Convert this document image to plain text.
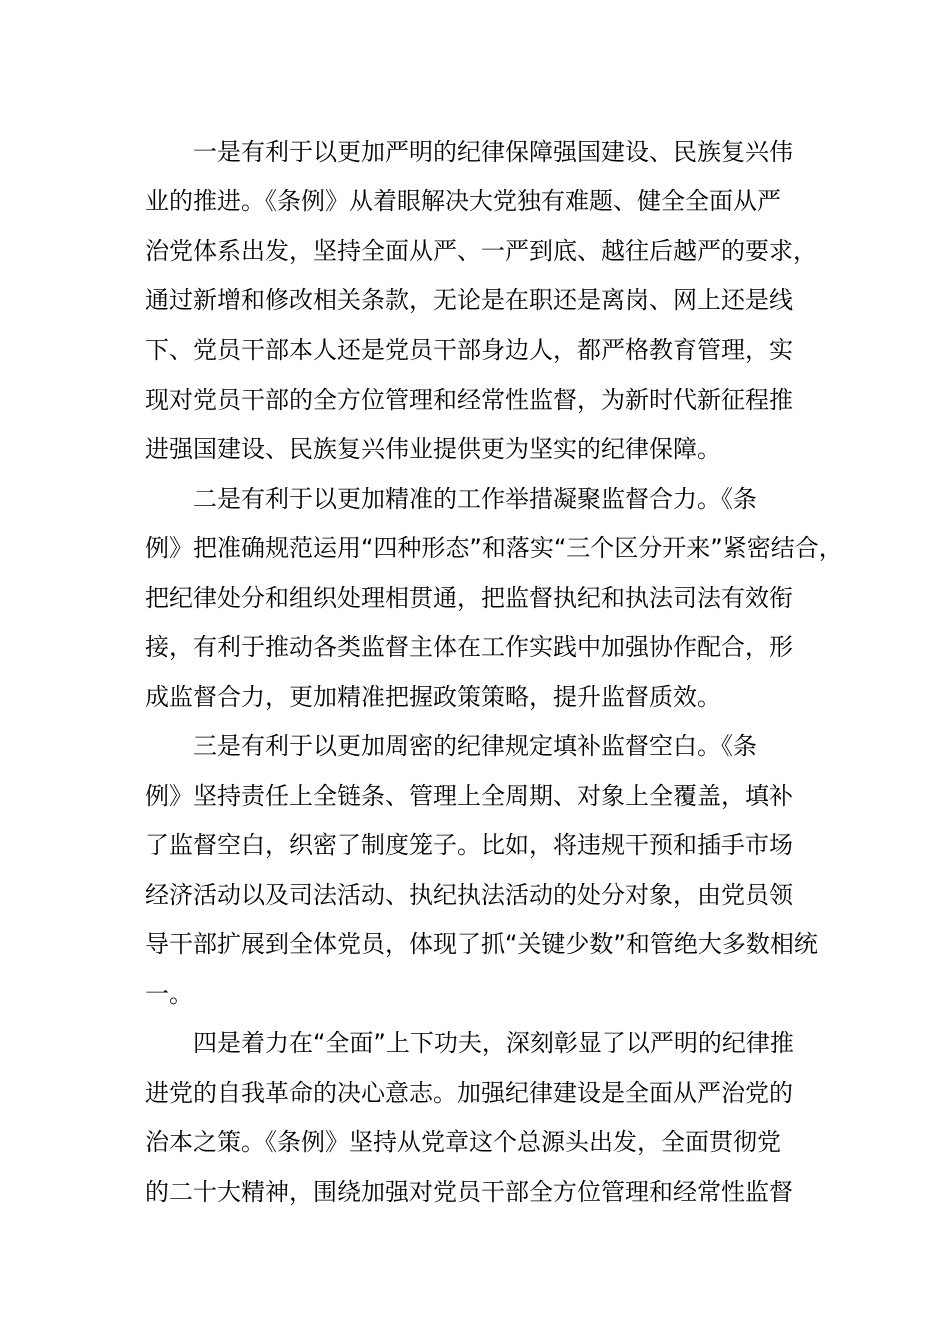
一是有利于以更加严明的纪律保障强国建设、民族复兴伟
业的推进。《条例》从着眼解决大党独有难题、健全全面从严
治党体系出发，坚持全面从严、一严到底、越往后越严的要求，
通过新增和修改相关条款，无论是在职还是离岗、网上还是线
下、党员干部本人还是党员干部身边人，都严格教育管理，实
现对党员干部的全方位管理和经常性监督，为新时代新征程推
进强国建设、民族复兴伟业提供更为坚实的纪律保障。
二是有利于以更加精准的工作举措凝聚监督合力。《条
例》把准确规范运用“四种形态”和落实“三个区分开来”紧密结合，
把纪律处分和组织处理相贯通，把监督执纪和执法司法有效衔
接，有利于推动各类监督主体在工作实践中加强协作配合，形
成监督合力，更加精准把握政策策略，提升监督质效。
三是有利于以更加周密的纪律规定填补监督空白。《条
例》坚持责任上全链条、管理上全周期、对象上全覆盖，填补
了监督空白，织密了制度笼子。比如，将违规干预和插手市场
经济活动以及司法活动、执纪执法活动的处分对象，由党员领
导干部扩展到全体党员，体现了抓“关键少数”和管绝大多数相统
一。
四是着力在“全面”上下功夫，深刻彰显了以严明的纪律推
进党的自我革命的决心意志。加强纪律建设是全面从严治党的
治本之策。《条例》坚持从党章这个总源头出发，全面贯彻党
的二十大精神，围绕加强对党员干部全方位管理和经常性监督
